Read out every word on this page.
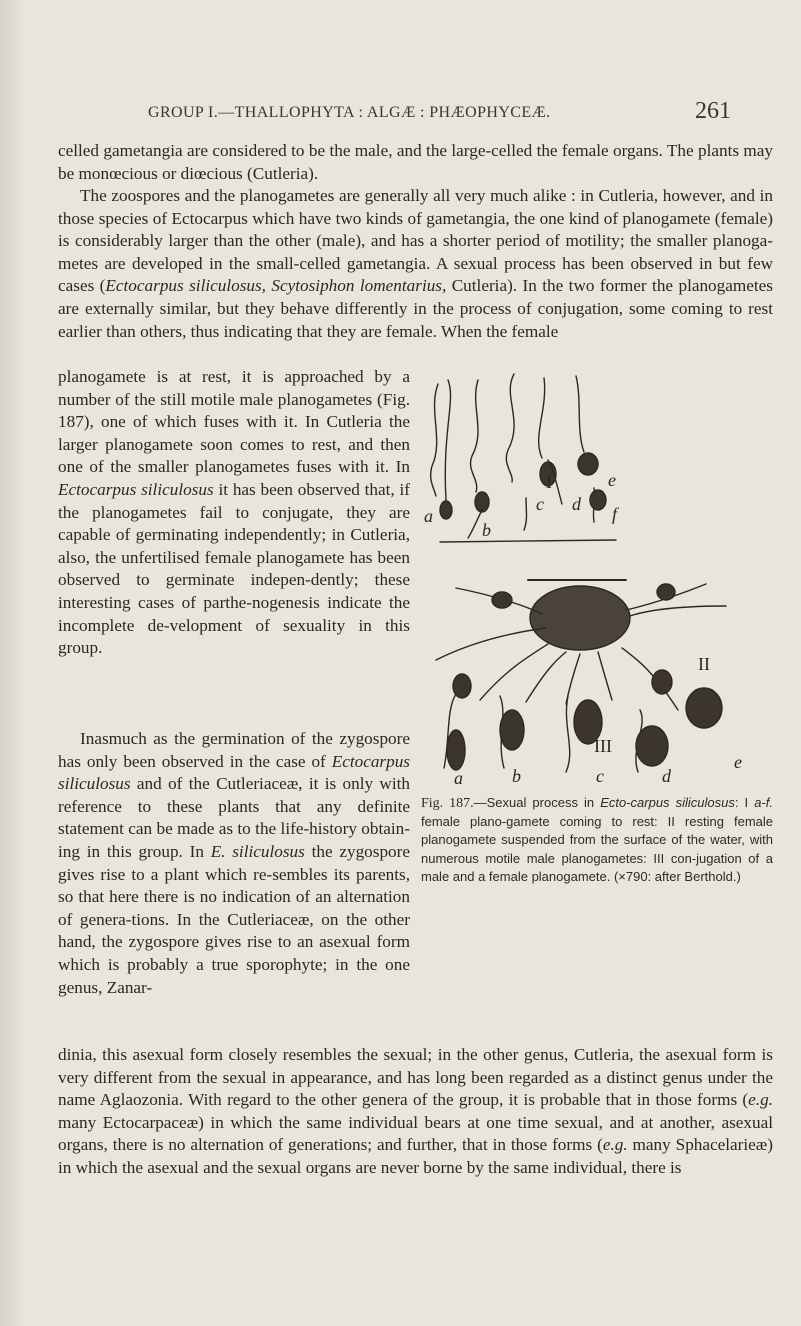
GROUP I.—THALLOPHYTA : ALGÆ : PHÆOPHYCEÆ.	261

celled gametangia are considered to be the male, and the large-celled the female organs. The plants may be monœcious or diœcious (Cutleria).

The zoospores and the planogametes are generally all very much alike : in Cutleria, however, and in those species of Ectocarpus which have two kinds of gametangia, the one kind of planogamete (female) is considerably larger than the other (male), and has a shorter period of motility; the smaller planoga-metes are developed in the small-celled gametangia. A sexual process has been observed in but few cases (Ectocarpus siliculosus, Scytosiphon lomentarius, Cutleria). In the two former the planogametes are externally similar, but they behave differently in the process of conjugation, some coming to rest earlier than others, thus indicating that they are female. When the female

planogamete is at rest, it is approached by a number of the still motile male planogametes (Fig. 187), one of which fuses with it. In Cutleria the larger planogamete soon comes to rest, and then one of the smaller planogametes fuses with it. In Ectocarpus siliculosus it has been observed that, if the planogametes fail to conjugate, they are capable of germinating independently; in Cutleria, also, the unfertilised female planogamete has been observed to germinate indepen-dently; these interesting cases of parthe-nogenesis indicate the incomplete de-velopment of sexuality in this group.

Inasmuch as the germination of the zygospore has only been observed in the case of Ectocarpus siliculosus and of the Cutleriaceæ, it is only with reference to these plants that any definite statement can be made as to the life-history obtain-ing in this group. In E. siliculosus the zygospore gives rise to a plant which re-sembles its parents, so that here there is no indication of an alternation of genera-tions. In the Cutleriaceæ, on the other hand, the zygospore gives rise to an asexual form which is probably a true sporophyte; in the one genus, Zanar-

dinia, this asexual form closely resembles the sexual; in the other genus, Cutleria, the asexual form is very different from the sexual in appearance, and has long been regarded as a distinct genus under the name Aglaozonia. With regard to the other genera of the group, it is probable that in those forms (e.g. many Ectocarpaceæ) in which the same individual bears at one time sexual, and at another, asexual organs, there is no alternation of generations; and further, that in those forms (e.g. many Sphacelarieæ) in which the asexual and the sexual organs are never borne by the same individual, there is

a
b
c d
e
f
I
II
III
a	b	c	d
e

Fig. 187.—Sexual process in Ecto-carpus siliculosus: I a-f. female plano-gamete coming to rest: II resting female planogamete suspended from the surface of the water, with numerous motile male planogametes: III con-jugation of a male and a female planogamete. (×790: after Berthold.)
